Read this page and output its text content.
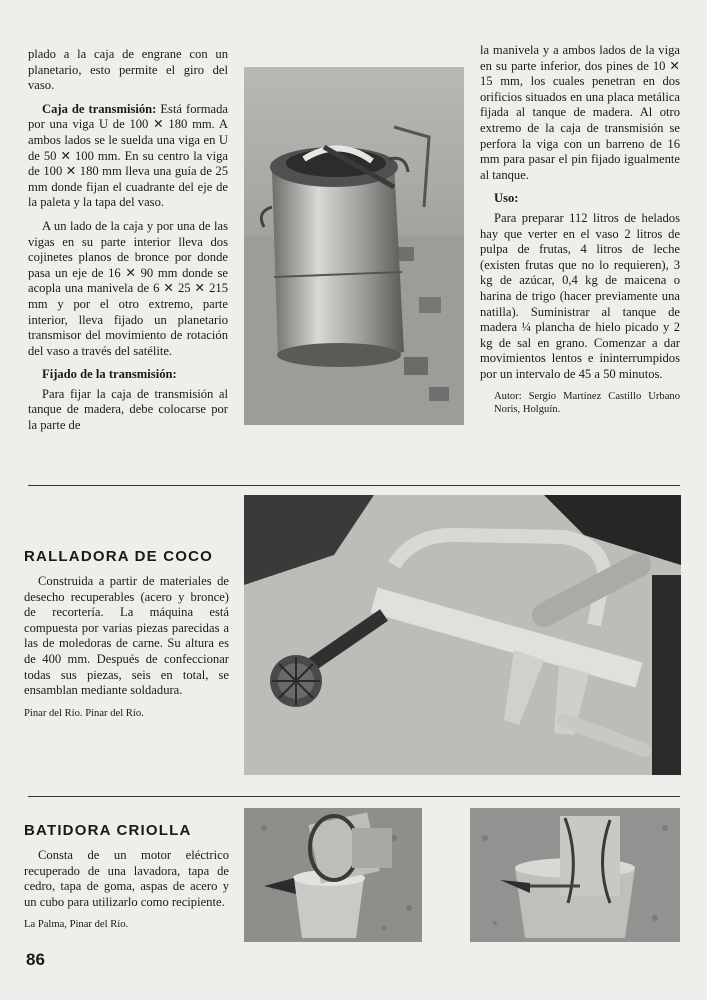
plado a la caja de engrane con un planetario, esto permite el giro del vaso.

Caja de transmisión: Está formada por una viga U de 100 ✕ 180 mm. A ambos lados se le suelda una viga en U de 50 ✕ 100 mm. En su centro la viga de 100 ✕ 180 mm lleva una guía de 25 mm donde fijan el cuadrante del eje de la paleta y la tapa del vaso.

A un lado de la caja y por una de las vigas en su parte interior lleva dos cojinetes planos de bronce por donde pasa un eje de 16 ✕ 90 mm donde se acopla una manivela de 6 ✕ 25 ✕ 215 mm y por el otro extremo, parte interior, lleva fijado un planetario transmisor del movimiento de rotación del vaso a través del satélite.

Fijado de la transmisión:

Para fijar la caja de transmisión al tanque de madera, debe colocarse por la parte de

la manivela y a ambos lados de la viga en su parte inferior, dos pines de 10 ✕ 15 mm, los cuales penetran en dos orificios situados en una placa metálica fijada al tanque de madera. Al otro extremo de la caja de transmisión se perfora la viga con un barreno de 16 mm para pasar el pin fijado igualmente al tanque.

Uso:

Para preparar 112 litros de helados hay que verter en el vaso 2 litros de pulpa de frutas, 4 litros de leche (existen frutas que no lo requieren), 3 kg de azúcar, 0,4 kg de maicena o harina de trigo (hacer previamente una natilla). Suministrar al tanque de madera ¼ plancha de hielo picado y 2 kg de sal en grano. Comenzar a dar movimientos lentos e ininterrumpidos por un intervalo de 45 a 50 minutos.

Autor: Sergio Martínez Castillo Urbano Noris, Holguín.
RALLADORA DE COCO

Construida a partir de materiales de desecho recuperables (acero y bronce) de recortería. La máquina está compuesta por varias piezas parecidas a las de moledoras de carne. Su altura es de 400 mm. Después de confeccionar todas sus piezas, seis en total, se ensamblan mediante soldadura.

Pinar del Río. Pinar del Río.
BATIDORA CRIOLLA

Consta de un motor eléctrico recuperado de una lavadora, tapa de cedro, tapa de goma, aspas de acero y un cubo para utilizarlo como recipiente.

La Palma, Pinar del Río.
86
